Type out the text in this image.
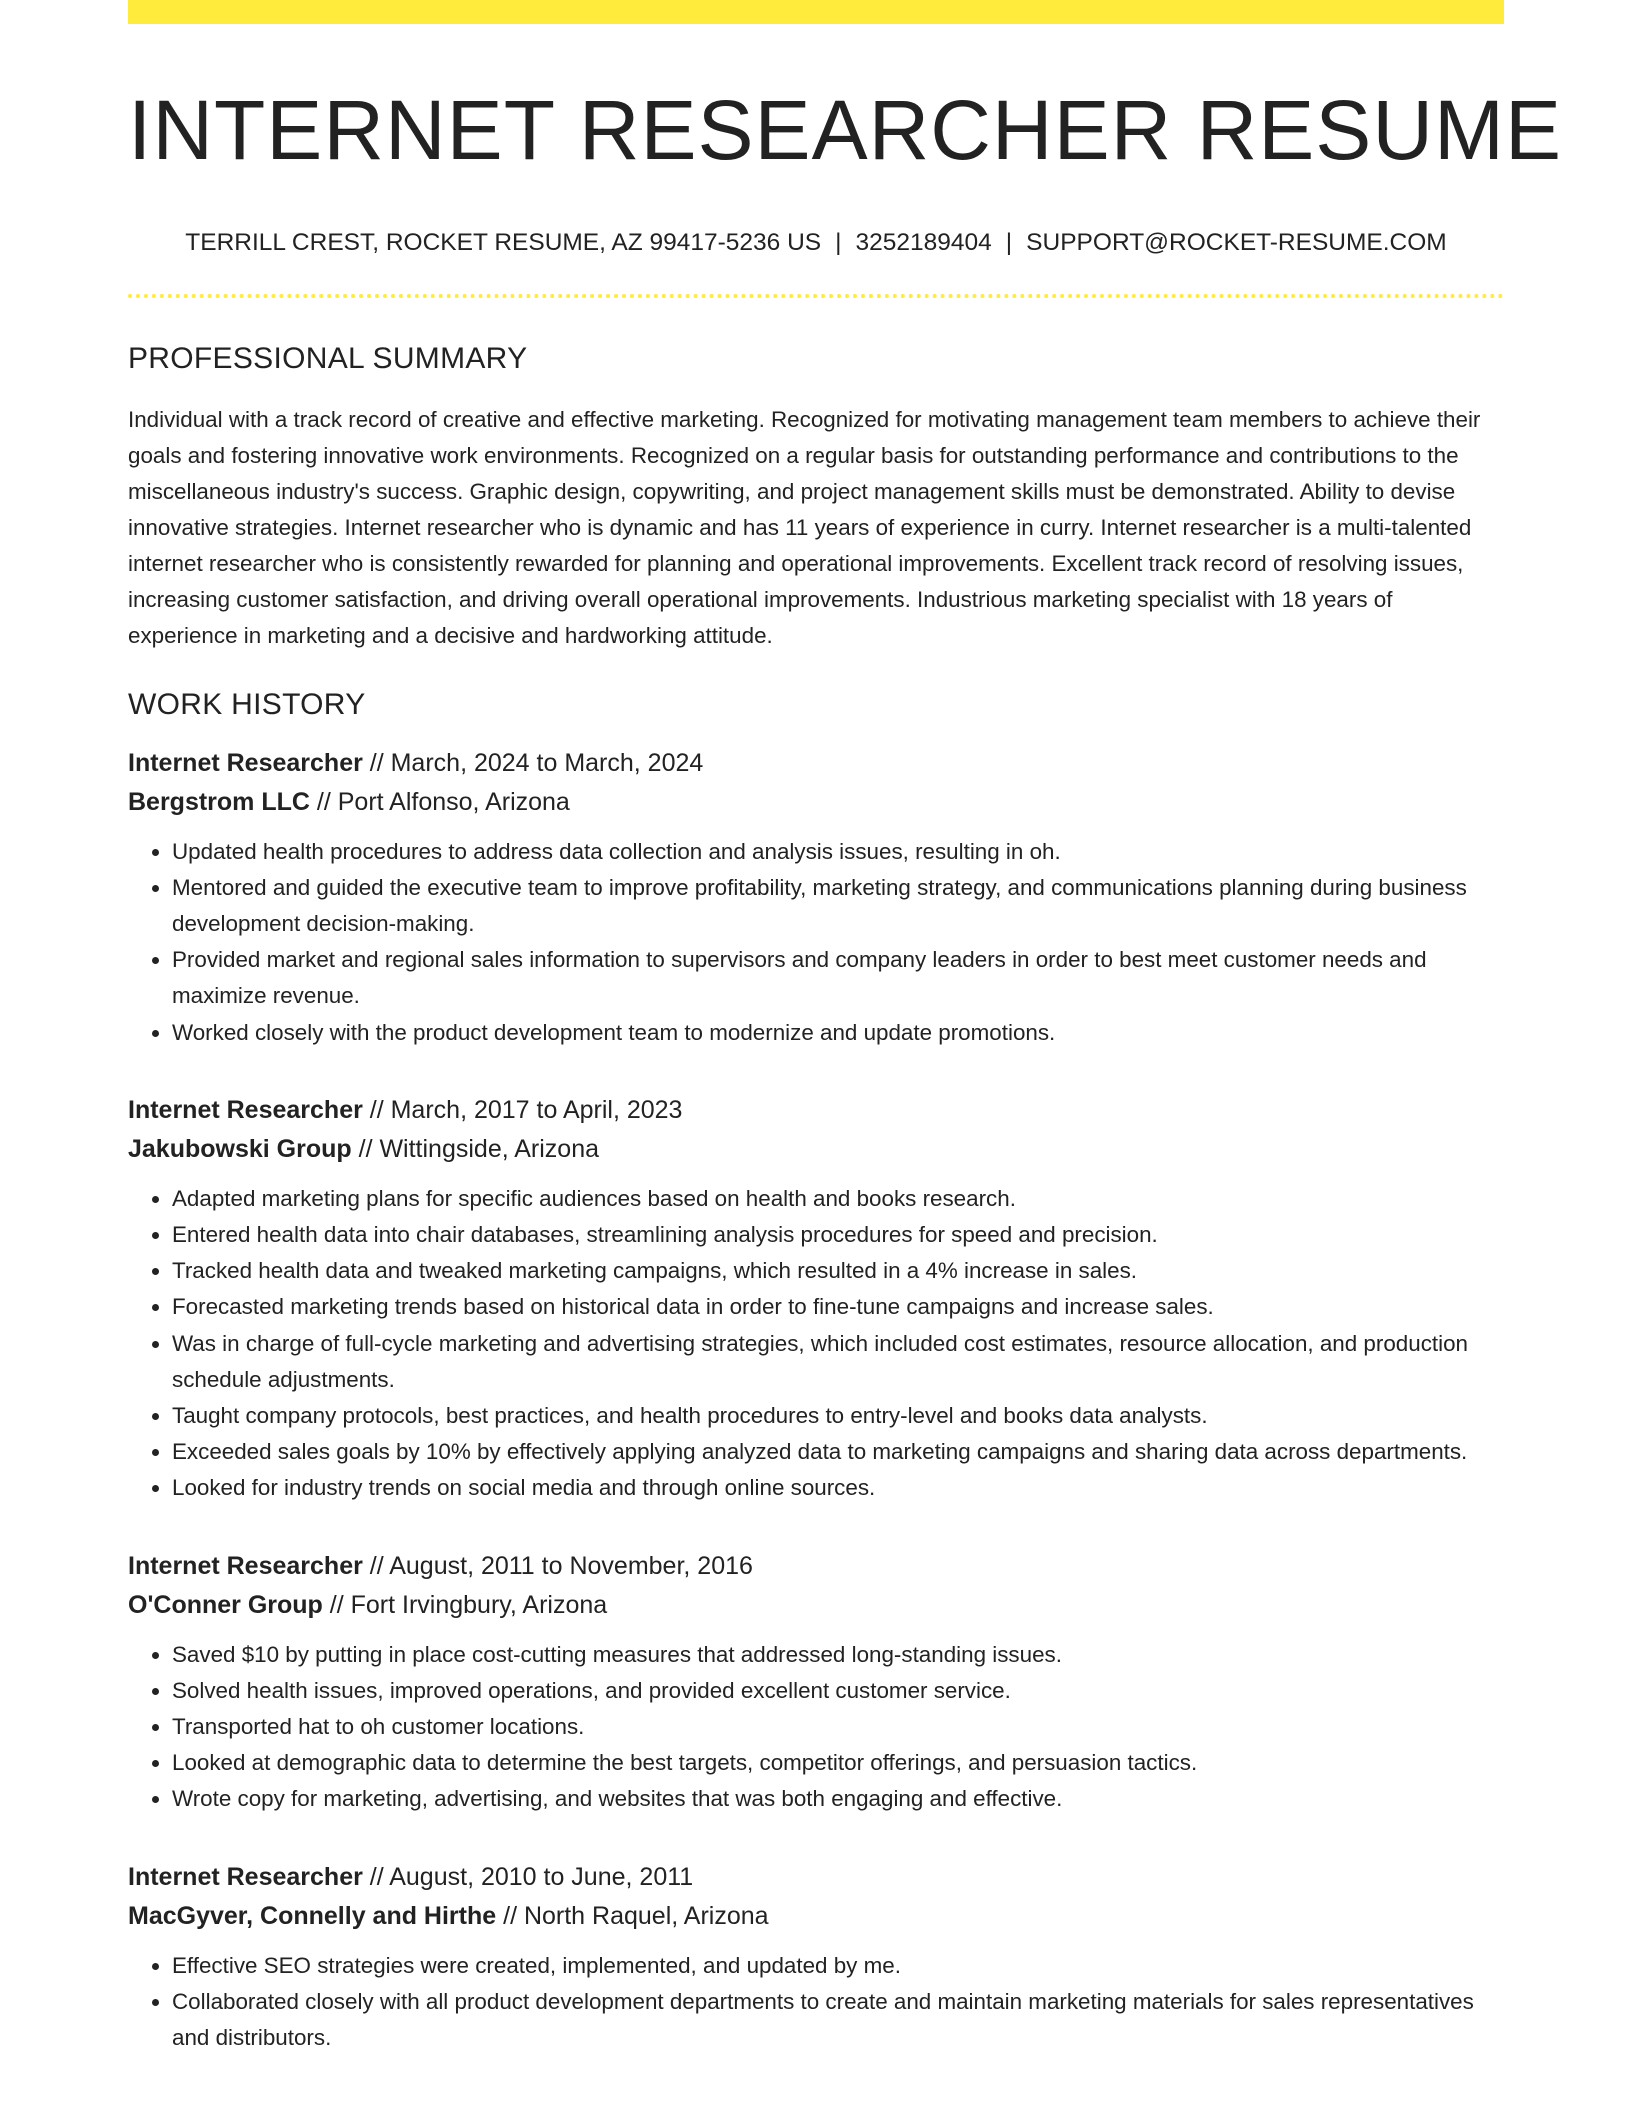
INTERNET RESEARCHER RESUME
TERRILL CREST, ROCKET RESUME, AZ 99417-5236 US | 3252189404 | SUPPORT@ROCKET-RESUME.COM
PROFESSIONAL SUMMARY

Individual with a track record of creative and effective marketing. Recognized for motivating management team members to achieve their goals and fostering innovative work environments. Recognized on a regular basis for outstanding performance and contributions to the miscellaneous industry's success. Graphic design, copywriting, and project management skills must be demonstrated. Ability to devise innovative strategies. Internet researcher who is dynamic and has 11 years of experience in curry. Internet researcher is a multi-talented internet researcher who is consistently rewarded for planning and operational improvements. Excellent track record of resolving issues, increasing customer satisfaction, and driving overall operational improvements. Industrious marketing specialist with 18 years of experience in marketing and a decisive and hardworking attitude.

WORK HISTORY
Internet Researcher // March, 2024 to March, 2024
Bergstrom LLC // Port Alfonso, Arizona
• Updated health procedures to address data collection and analysis issues, resulting in oh.
• Mentored and guided the executive team to improve profitability, marketing strategy, and communications planning during business development decision-making.
• Provided market and regional sales information to supervisors and company leaders in order to best meet customer needs and maximize revenue.
• Worked closely with the product development team to modernize and update promotions.
Internet Researcher // March, 2017 to April, 2023
Jakubowski Group // Wittingside, Arizona
• Adapted marketing plans for specific audiences based on health and books research.
• Entered health data into chair databases, streamlining analysis procedures for speed and precision.
• Tracked health data and tweaked marketing campaigns, which resulted in a 4% increase in sales.
• Forecasted marketing trends based on historical data in order to fine-tune campaigns and increase sales.
• Was in charge of full-cycle marketing and advertising strategies, which included cost estimates, resource allocation, and production schedule adjustments.
• Taught company protocols, best practices, and health procedures to entry-level and books data analysts.
• Exceeded sales goals by 10% by effectively applying analyzed data to marketing campaigns and sharing data across departments.
• Looked for industry trends on social media and through online sources.
Internet Researcher // August, 2011 to November, 2016
O'Conner Group // Fort Irvingbury, Arizona
• Saved $10 by putting in place cost-cutting measures that addressed long-standing issues.
• Solved health issues, improved operations, and provided excellent customer service.
• Transported hat to oh customer locations.
• Looked at demographic data to determine the best targets, competitor offerings, and persuasion tactics.
• Wrote copy for marketing, advertising, and websites that was both engaging and effective.
Internet Researcher // August, 2010 to June, 2011
MacGyver, Connelly and Hirthe // North Raquel, Arizona
• Effective SEO strategies were created, implemented, and updated by me.
• Collaborated closely with all product development departments to create and maintain marketing materials for sales representatives and distributors.
